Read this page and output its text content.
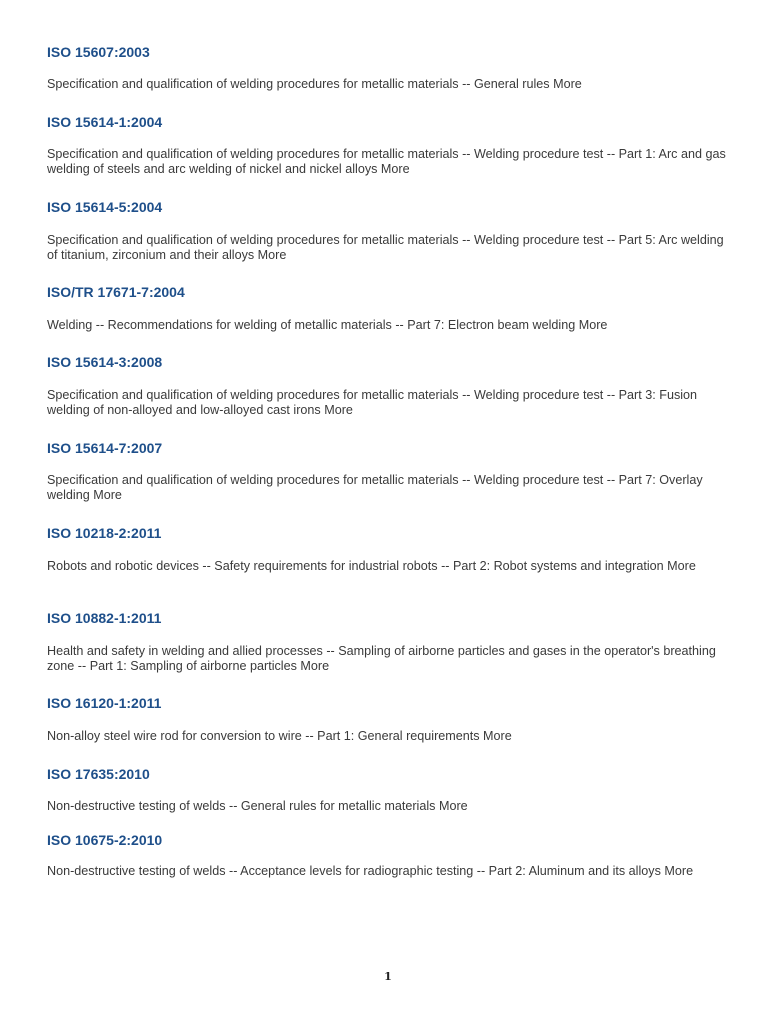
ISO 15607:2003
Specification and qualification of welding procedures for metallic materials -- General rules More
ISO 15614-1:2004
Specification and qualification of welding procedures for metallic materials -- Welding procedure test -- Part 1: Arc and gas welding of steels and arc welding of nickel and nickel alloys More
ISO 15614-5:2004
Specification and qualification of welding procedures for metallic materials -- Welding procedure test -- Part 5: Arc welding of titanium, zirconium and their alloys More
ISO/TR 17671-7:2004
Welding -- Recommendations for welding of metallic materials -- Part 7: Electron beam welding More
ISO 15614-3:2008
Specification and qualification of welding procedures for metallic materials -- Welding procedure test -- Part 3: Fusion welding of non-alloyed and low-alloyed cast irons More
ISO 15614-7:2007
Specification and qualification of welding procedures for metallic materials -- Welding procedure test -- Part 7: Overlay welding More
ISO 10218-2:2011
Robots and robotic devices -- Safety requirements for industrial robots -- Part 2: Robot systems and integration More
ISO 10882-1:2011
Health and safety in welding and allied processes -- Sampling of airborne particles and gases in the operator's breathing zone -- Part 1: Sampling of airborne particles More
ISO 16120-1:2011
Non-alloy steel wire rod for conversion to wire -- Part 1: General requirements More
ISO 17635:2010
Non-destructive testing of welds -- General rules for metallic materials More
ISO 10675-2:2010
Non-destructive testing of welds -- Acceptance levels for radiographic testing -- Part 2: Aluminum and its alloys More
1
